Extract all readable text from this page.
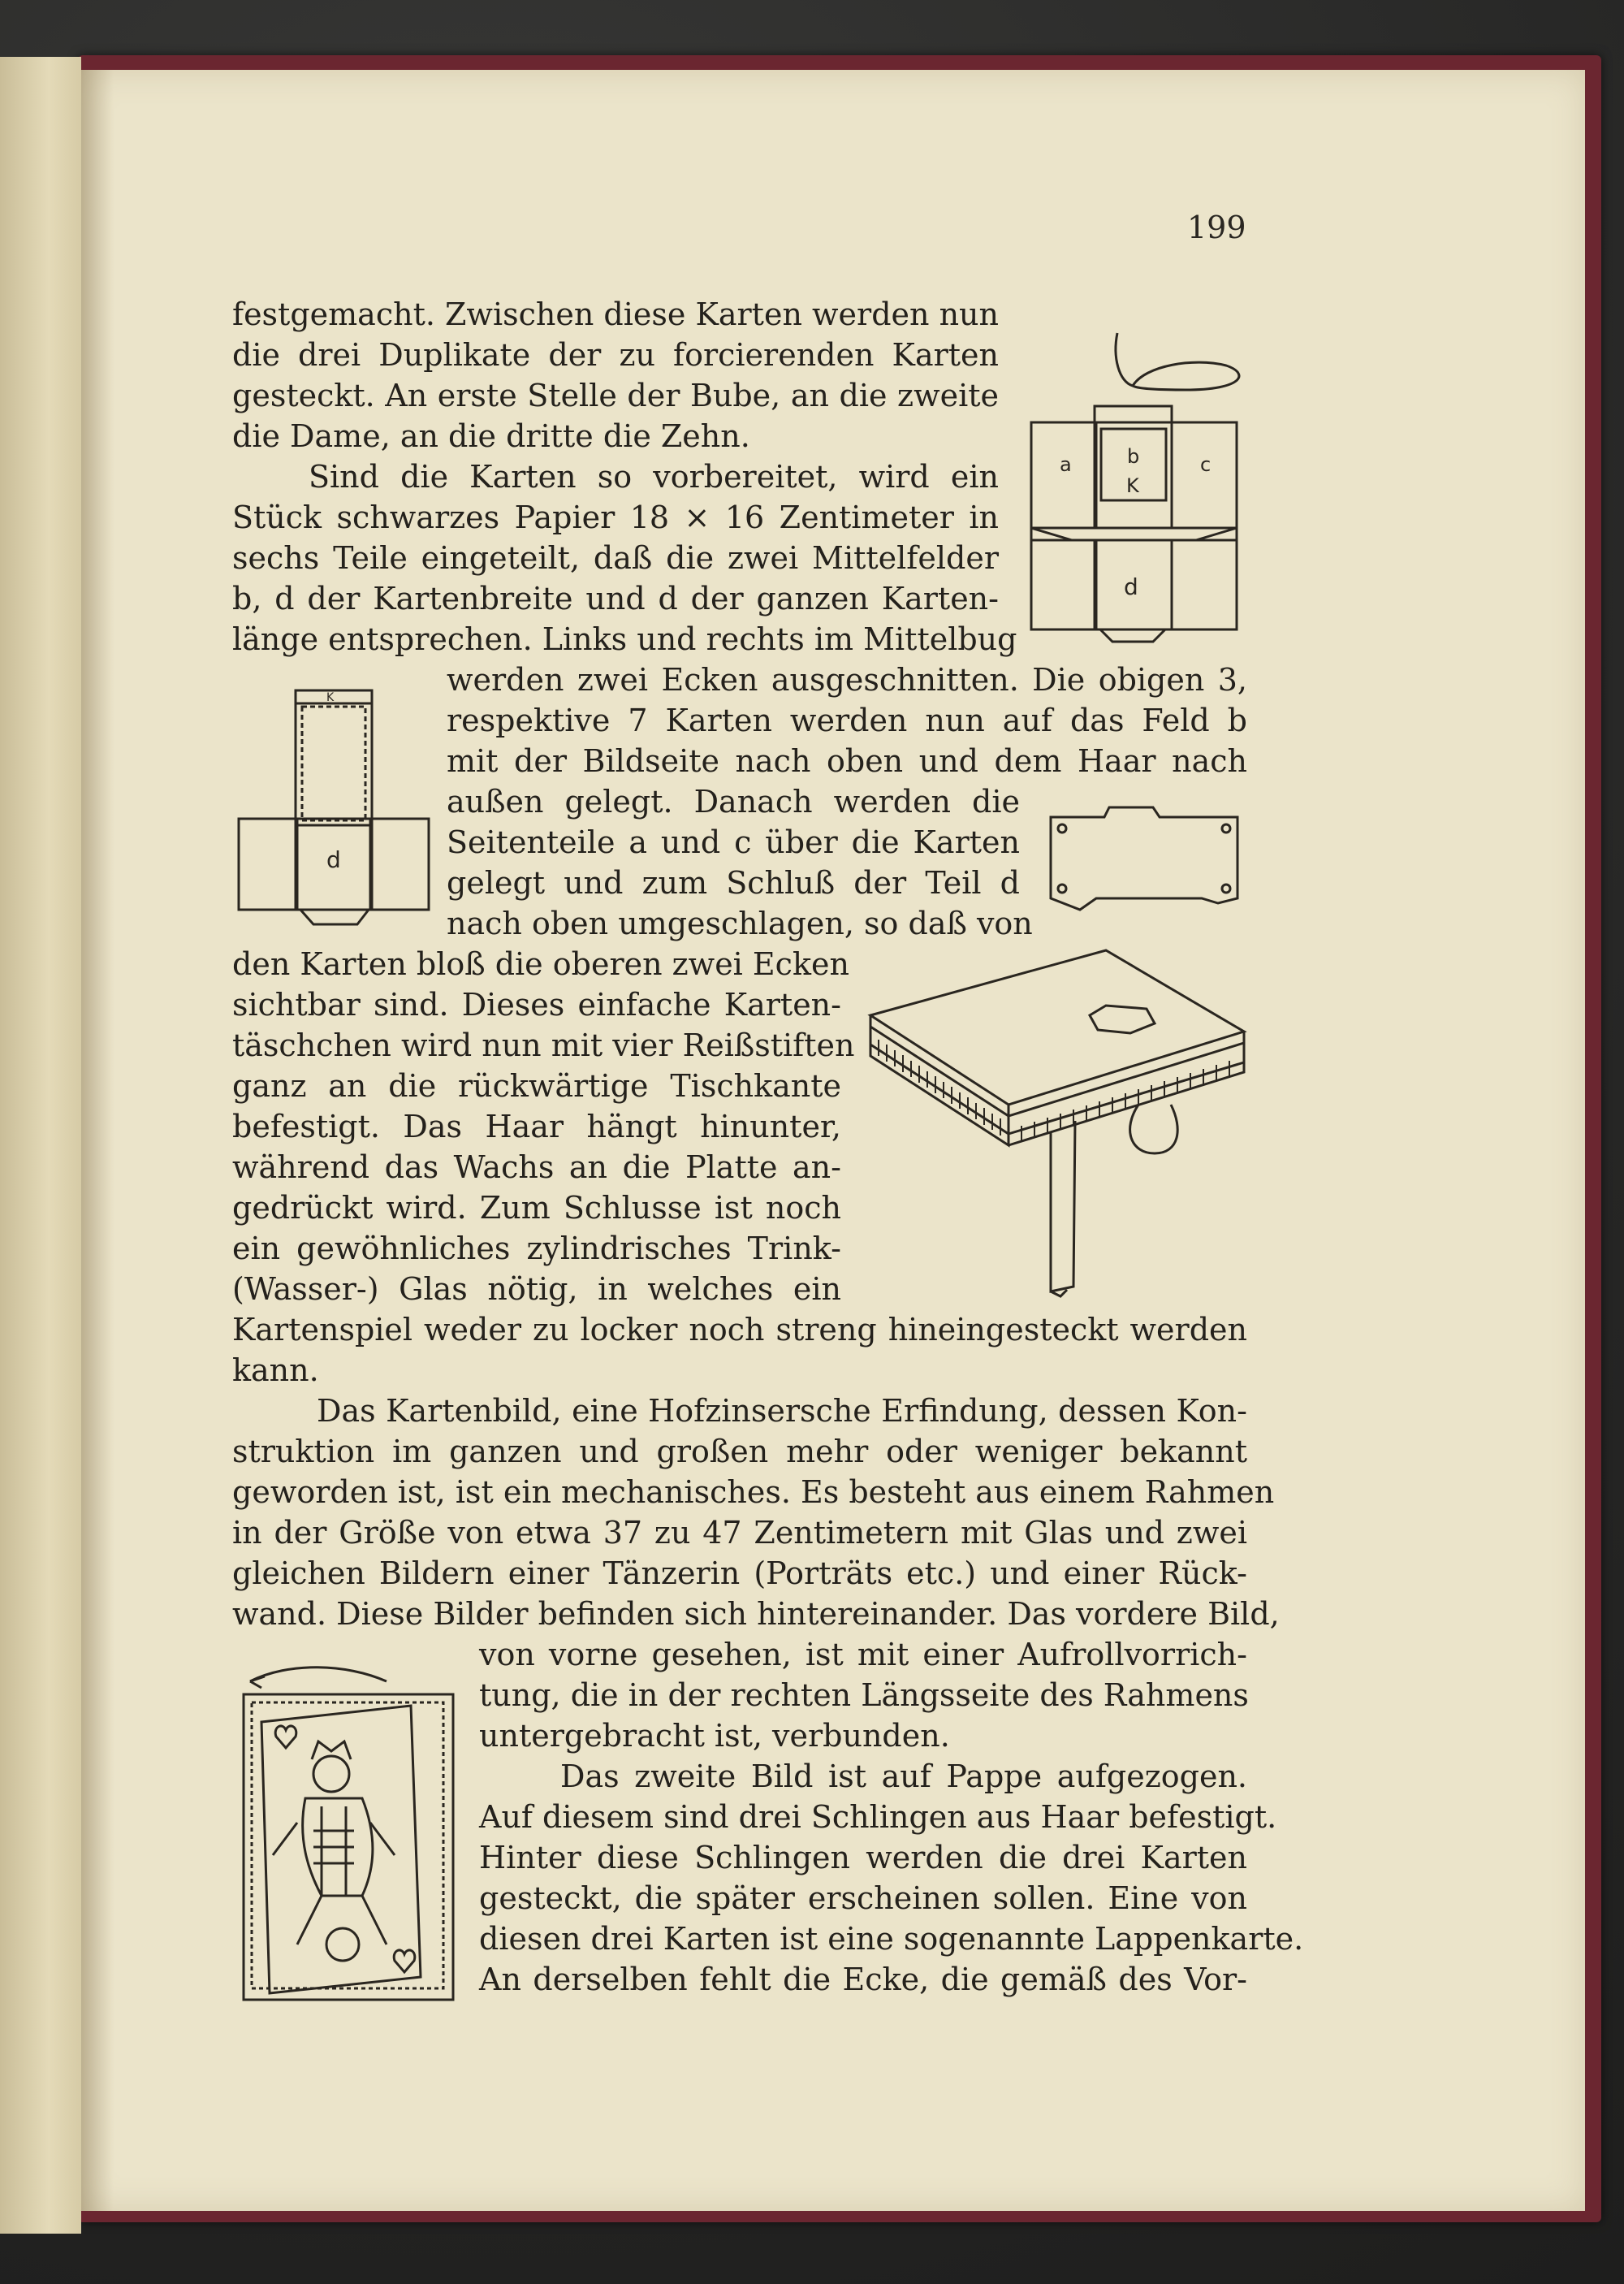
199

festgemacht. Zwischen diese Karten werden nun

die drei Duplikate der zu forcierenden Karten

gesteckt. An erste Stelle der Bube, an die zweite

die Dame, an die dritte die Zehn.

Sind die Karten so vorbereitet, wird ein

Stück schwarzes Papier 18 × 16 Zentimeter in

sechs Teile eingeteilt, daß die zwei Mittelfelder

b, d der Kartenbreite und d der ganzen Karten-

länge entsprechen. Links und rechts im Mittelbug

werden zwei Ecken ausgeschnitten. Die obigen 3,

respektive 7 Karten werden nun auf das Feld b

mit der Bildseite nach oben und dem Haar nach

außen gelegt. Danach werden die

Seitenteile a und c über die Karten

gelegt und zum Schluß der Teil d

nach oben umgeschlagen, so daß von

den Karten bloß die oberen zwei Ecken

sichtbar sind. Dieses einfache Karten-

täschchen wird nun mit vier Reißstiften

ganz an die rückwärtige Tischkante

befestigt. Das Haar hängt hinunter,

während das Wachs an die Platte an-

gedrückt wird. Zum Schlusse ist noch

ein gewöhnliches zylindrisches Trink-

(Wasser-) Glas nötig, in welches ein

Kartenspiel weder zu locker noch streng hineingesteckt werden

kann.

Das Kartenbild, eine Hofzinsersche Erfindung, dessen Kon-

struktion im ganzen und großen mehr oder weniger bekannt

geworden ist, ist ein mechanisches. Es besteht aus einem Rahmen

in der Größe von etwa 37 zu 47 Zentimetern mit Glas und zwei

gleichen Bildern einer Tänzerin (Porträts etc.) und einer Rück-

wand. Diese Bilder befinden sich hintereinander. Das vordere Bild,

von vorne gesehen, ist mit einer Aufrollvorrich-

tung, die in der rechten Längsseite des Rahmens

untergebracht ist, verbunden.

Das zweite Bild ist auf Pappe aufgezogen.

Auf diesem sind drei Schlingen aus Haar befestigt.

Hinter diese Schlingen werden die drei Karten

gesteckt, die später erscheinen sollen. Eine von

diesen drei Karten ist eine sogenannte Lappenkarte.

An derselben fehlt die Ecke, die gemäß des Vor-

a	b
K
c
d
K
d
